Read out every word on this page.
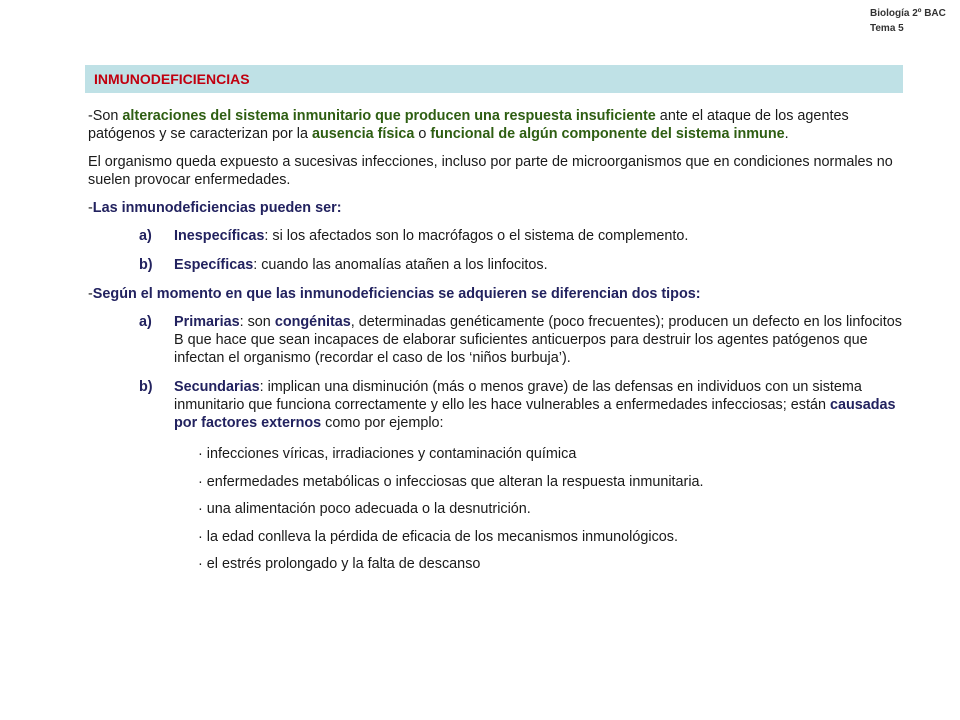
Biología 2º BAC
Tema 5
INMUNODEFICIENCIAS

-Son alteraciones del sistema inmunitario que producen una respuesta insuficiente ante el ataque de los agentes patógenos y se caracterizan por la ausencia física o funcional de algún componente del sistema inmune.

El organismo queda expuesto a sucesivas infecciones, incluso por parte de microorganismos que en condiciones normales no suelen provocar enfermedades.

-Las inmunodeficiencias pueden ser:

a) Inespecíficas: si los afectados son lo macrófagos o el sistema de complemento.
b) Específicas: cuando las anomalías atañen a los linfocitos.

-Según el momento en que las inmunodeficiencias se adquieren se diferencian dos tipos:

a) Primarias: son congénitas, determinadas genéticamente (poco frecuentes); producen un defecto en los linfocitos B que hace que sean incapaces de elaborar suficientes anticuerpos para destruir los agentes patógenos que infectan el organismo (recordar el caso de los ‘niños burbuja’).
b) Secundarias: implican una disminución (más o menos grave) de las defensas en individuos con un sistema inmunitario que funciona correctamente y ello les hace vulnerables a enfermedades infecciosas; están causadas por factores externos como por ejemplo:
· infecciones víricas, irradiaciones y contaminación química
· enfermedades metabólicas o infecciosas que alteran la respuesta inmunitaria.
· una alimentación poco adecuada o la desnutrición.
· la edad conlleva la pérdida de eficacia de los mecanismos inmunológicos.
· el estrés prolongado y la falta de descanso
